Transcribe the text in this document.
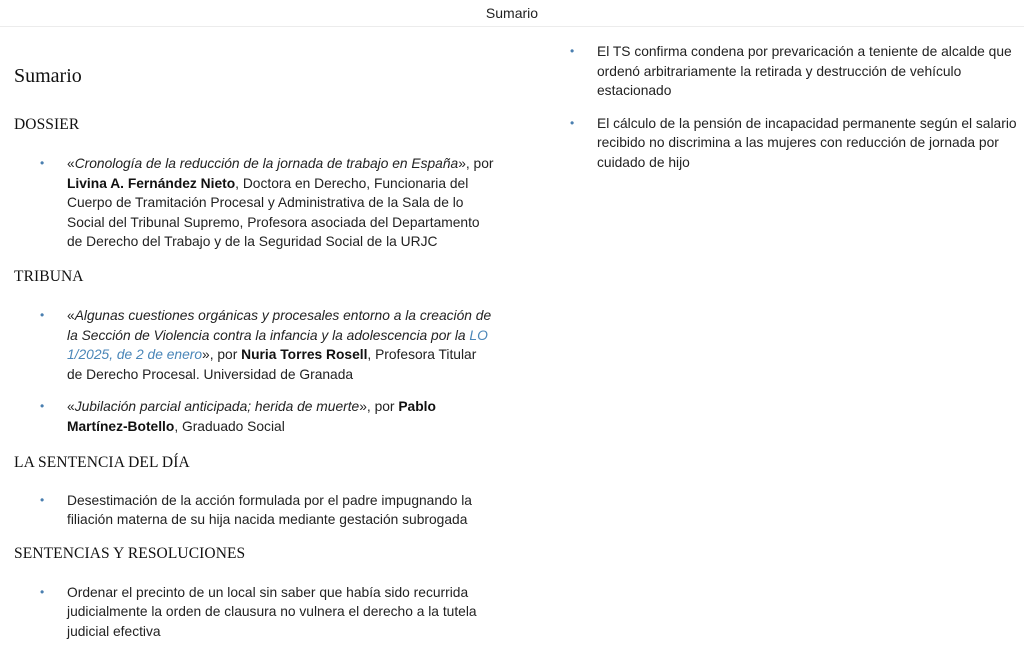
Sumario
Sumario
DOSSIER
• «Cronología de la reducción de la jornada de trabajo en España», por Livina A. Fernández Nieto, Doctora en Derecho, Funcionaria del Cuerpo de Tramitación Procesal y Administrativa de la Sala de lo Social del Tribunal Supremo, Profesora asociada del Departamento de Derecho del Trabajo y de la Seguridad Social de la URJC
TRIBUNA
• «Algunas cuestiones orgánicas y procesales entorno a la creación de la Sección de Violencia contra la infancia y la adolescencia por la LO 1/2025, de 2 de enero», por Nuria Torres Rosell, Profesora Titular de Derecho Procesal. Universidad de Granada
• «Jubilación parcial anticipada; herida de muerte», por Pablo Martínez-Botello, Graduado Social
LA SENTENCIA DEL DÍA
• Desestimación de la acción formulada por el padre impugnando la filiación materna de su hija nacida mediante gestación subrogada
SENTENCIAS Y RESOLUCIONES
• Ordenar el precinto de un local sin saber que había sido recurrida judicialmente la orden de clausura no vulnera el derecho a la tutela judicial efectiva
• El TS confirma condena por prevaricación a teniente de alcalde que ordenó arbitrariamente la retirada y destrucción de vehículo estacionado
• El cálculo de la pensión de incapacidad permanente según el salario recibido no discrimina a las mujeres con reducción de jornada por cuidado de hijo
